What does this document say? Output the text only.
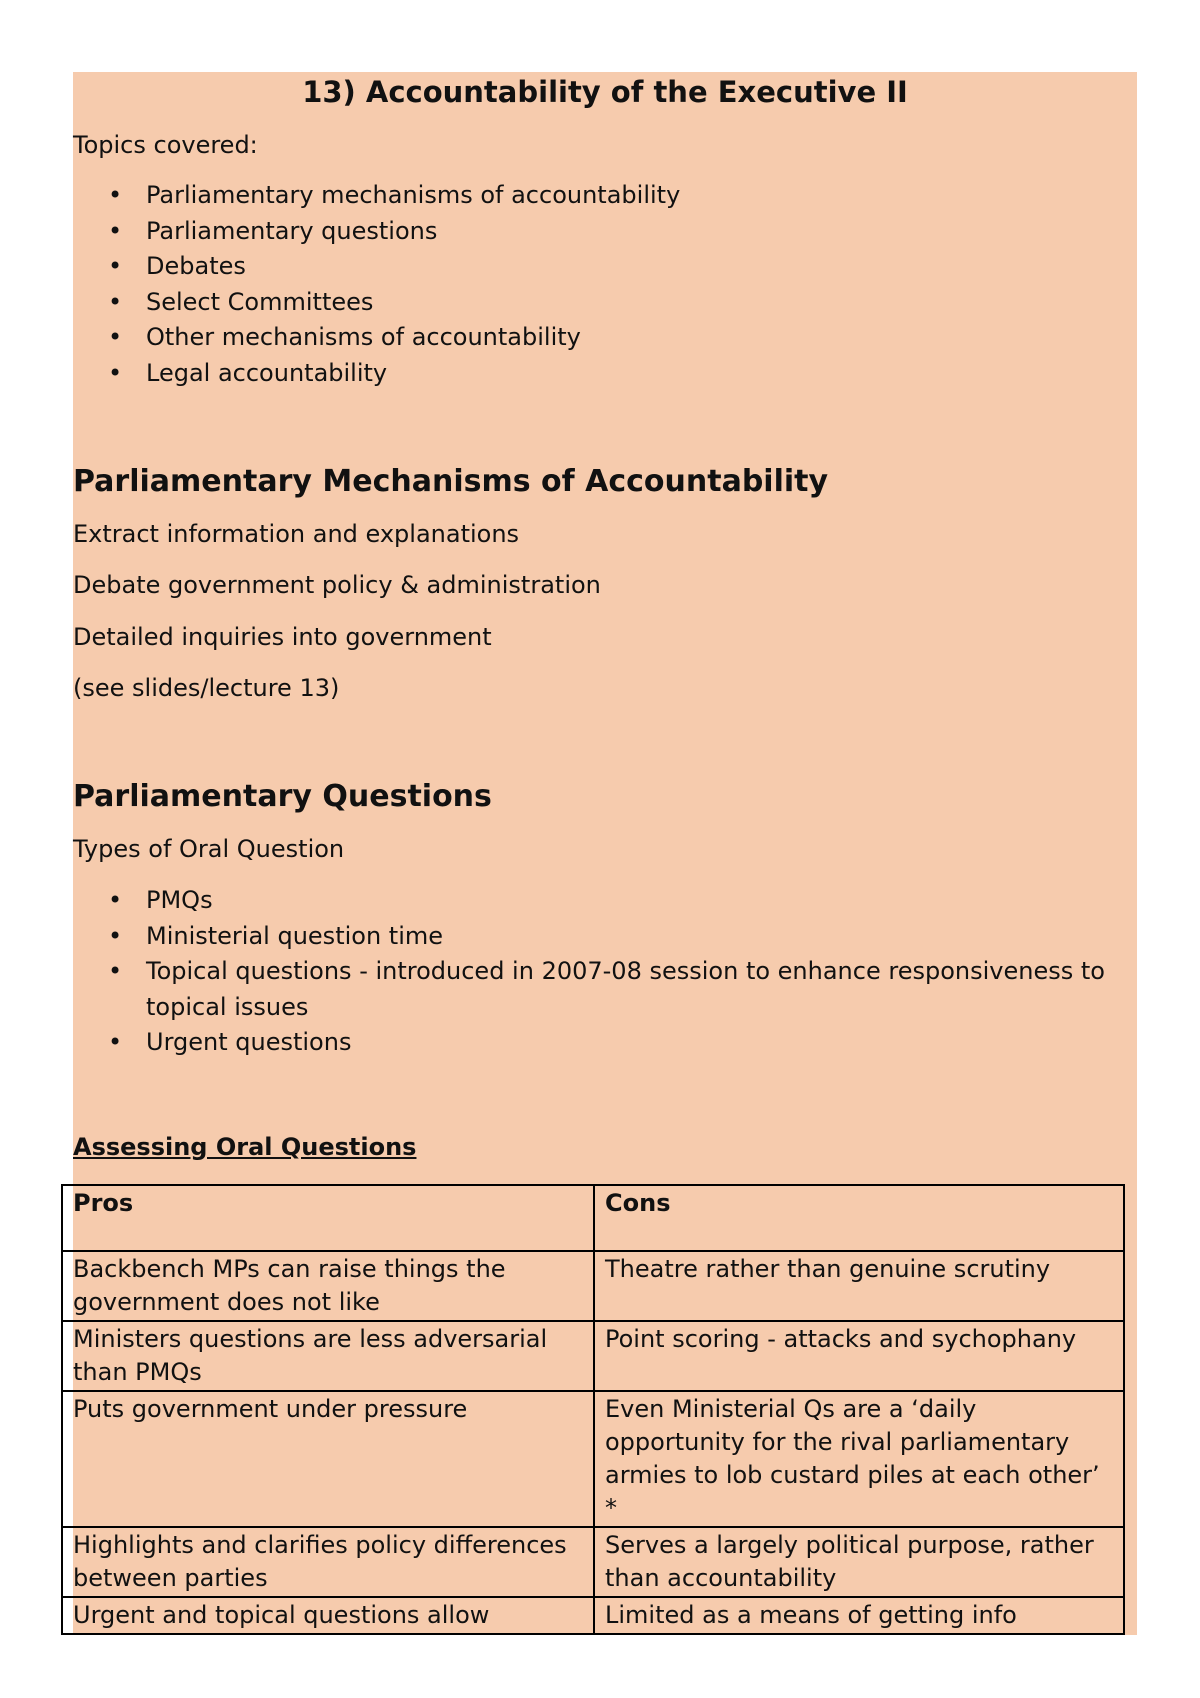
13) Accountability of the Executive II
Topics covered:
• Parliamentary mechanisms of accountability
• Parliamentary questions
• Debates
• Select Committees
• Other mechanisms of accountability
• Legal accountability
Parliamentary Mechanisms of Accountability
Extract information and explanations
Debate government policy & administration
Detailed inquiries into government
(see slides/lecture 13)
Parliamentary Questions
Types of Oral Question
• PMQs
• Ministerial question time
• Topical questions - introduced in 2007-08 session to enhance responsiveness to topical issues
• Urgent questions
Assessing Oral Questions
Pros	Cons
Backbench MPs can raise things the government does not like	Theatre rather than genuine scrutiny
Ministers questions are less adversarial than PMQs	Point scoring - attacks and sychophany
Puts government under pressure	Even Ministerial Qs are a ‘daily opportunity for the rival parliamentary armies to lob custard piles at each other’ *
Highlights and clarifies policy differences between parties	Serves a largely political purpose, rather than accountability
Urgent and topical questions allow	Limited as a means of getting info
